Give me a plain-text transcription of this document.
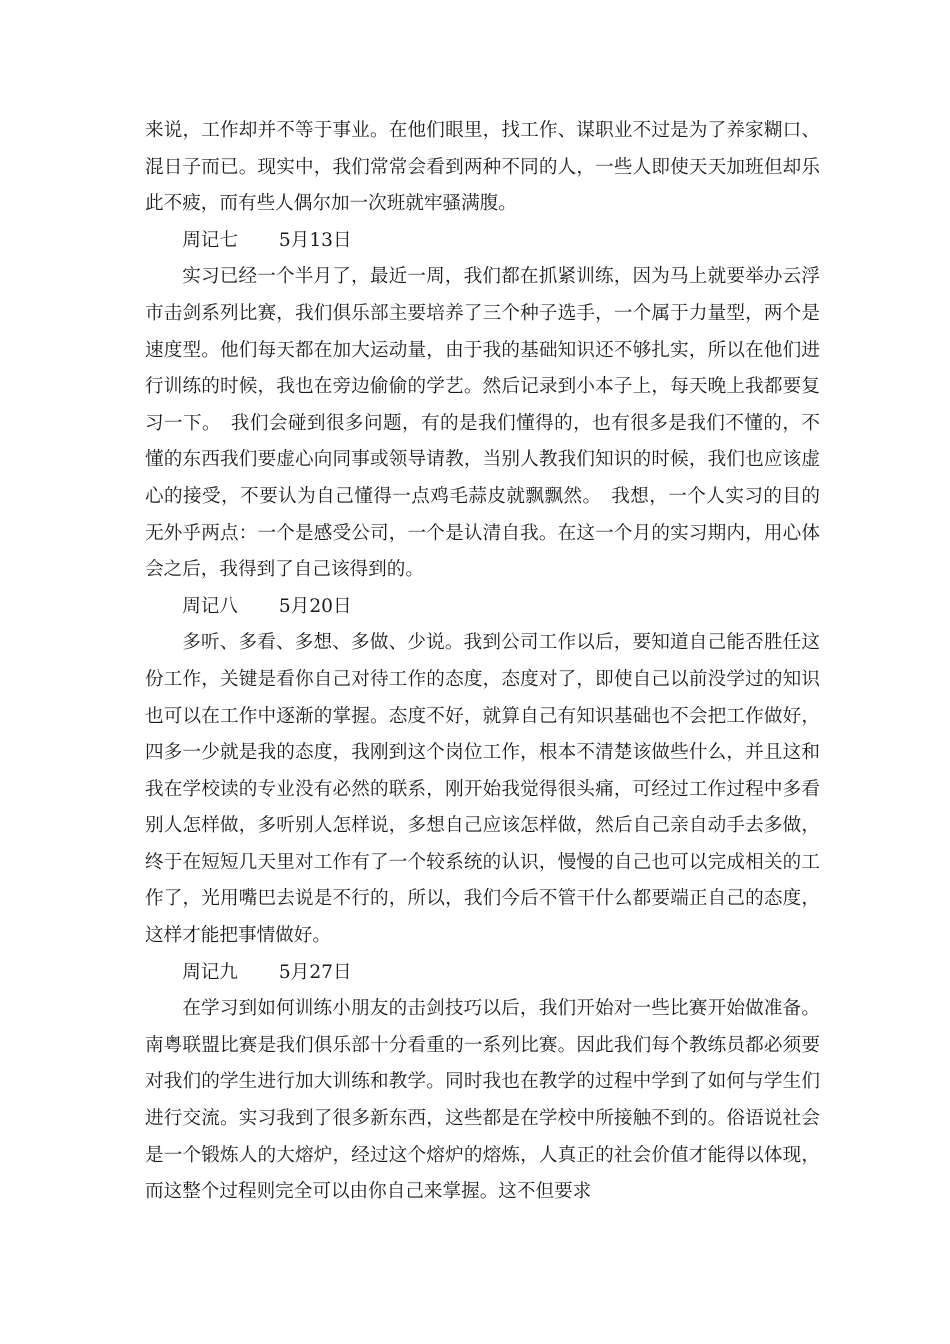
来说，工作却并不等于事业。在他们眼里，找工作、谋职业不过是为了养家糊口、混日子而已。现实中，我们常常会看到两种不同的人，一些人即使天天加班但却乐此不疲，而有些人偶尔加一次班就牢骚满腹。

周记七 5月13日

实习已经一个半月了，最近一周，我们都在抓紧训练，因为马上就要举办云浮市击剑系列比赛，我们俱乐部主要培养了三个种子选手，一个属于力量型，两个是速度型。他们每天都在加大运动量，由于我的基础知识还不够扎实，所以在他们进行训练的时候，我也在旁边偷偷的学艺。然后记录到小本子上，每天晚上我都要复习一下。　我们会碰到很多问题，有的是我们懂得的，也有很多是我们不懂的，不懂的东西我们要虚心向同事或领导请教，当别人教我们知识的时候，我们也应该虚心的接受，不要认为自己懂得一点鸡毛蒜皮就飘飘然。　我想，一个人实习的目的无外乎两点：一个是感受公司，一个是认清自我。在这一个月的实习期内，用心体会之后，我得到了自己该得到的。

周记八 5月20日

多听、多看、多想、多做、少说。我到公司工作以后，要知道自己能否胜任这份工作，关键是看你自己对待工作的态度，态度对了，即使自己以前没学过的知识也可以在工作中逐渐的掌握。态度不好，就算自己有知识基础也不会把工作做好，四多一少就是我的态度，我刚到这个岗位工作，根本不清楚该做些什么，并且这和我在学校读的专业没有必然的联系，刚开始我觉得很头痛，可经过工作过程中多看别人怎样做，多听别人怎样说，多想自己应该怎样做，然后自己亲自动手去多做，终于在短短几天里对工作有了一个较系统的认识，慢慢的自己也可以完成相关的工作了，光用嘴巴去说是不行的，所以，我们今后不管干什么都要端正自己的态度，这样才能把事情做好。

周记九 5月27日

在学习到如何训练小朋友的击剑技巧以后，我们开始对一些比赛开始做准备。南粤联盟比赛是我们俱乐部十分看重的一系列比赛。因此我们每个教练员都必须要对我们的学生进行加大训练和教学。同时我也在教学的过程中学到了如何与学生们进行交流。实习我到了很多新东西，这些都是在学校中所接触不到的。俗语说社会是一个锻炼人的大熔炉，经过这个熔炉的熔炼，人真正的社会价值才能得以体现，而这整个过程则完全可以由你自己来掌握。这不但要求
